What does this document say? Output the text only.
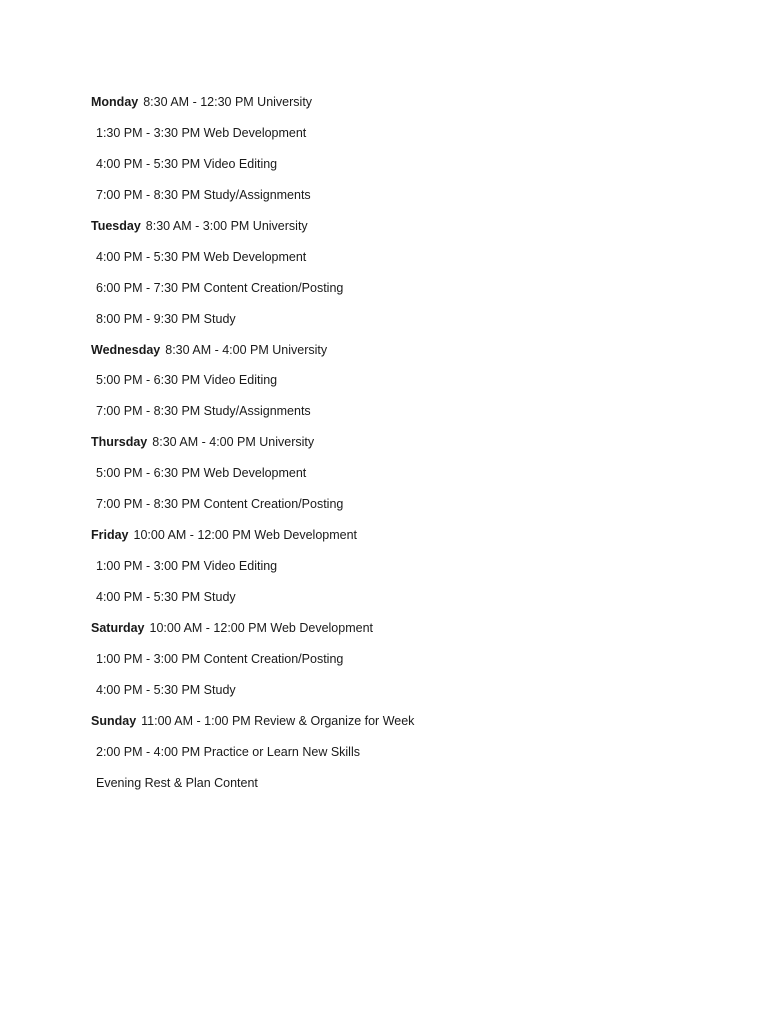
Monday 8:30 AM - 12:30 PM University
1:30 PM - 3:30 PM Web Development
4:00 PM - 5:30 PM Video Editing
7:00 PM - 8:30 PM Study/Assignments
Tuesday 8:30 AM - 3:00 PM University
4:00 PM - 5:30 PM Web Development
6:00 PM - 7:30 PM Content Creation/Posting
8:00 PM - 9:30 PM Study
Wednesday 8:30 AM - 4:00 PM University
5:00 PM - 6:30 PM Video Editing
7:00 PM - 8:30 PM Study/Assignments
Thursday 8:30 AM - 4:00 PM University
5:00 PM - 6:30 PM Web Development
7:00 PM - 8:30 PM Content Creation/Posting
Friday 10:00 AM - 12:00 PM Web Development
1:00 PM - 3:00 PM Video Editing
4:00 PM - 5:30 PM Study
Saturday 10:00 AM - 12:00 PM Web Development
1:00 PM - 3:00 PM Content Creation/Posting
4:00 PM - 5:30 PM Study
Sunday 11:00 AM - 1:00 PM Review & Organize for Week
2:00 PM - 4:00 PM Practice or Learn New Skills
Evening Rest & Plan Content
